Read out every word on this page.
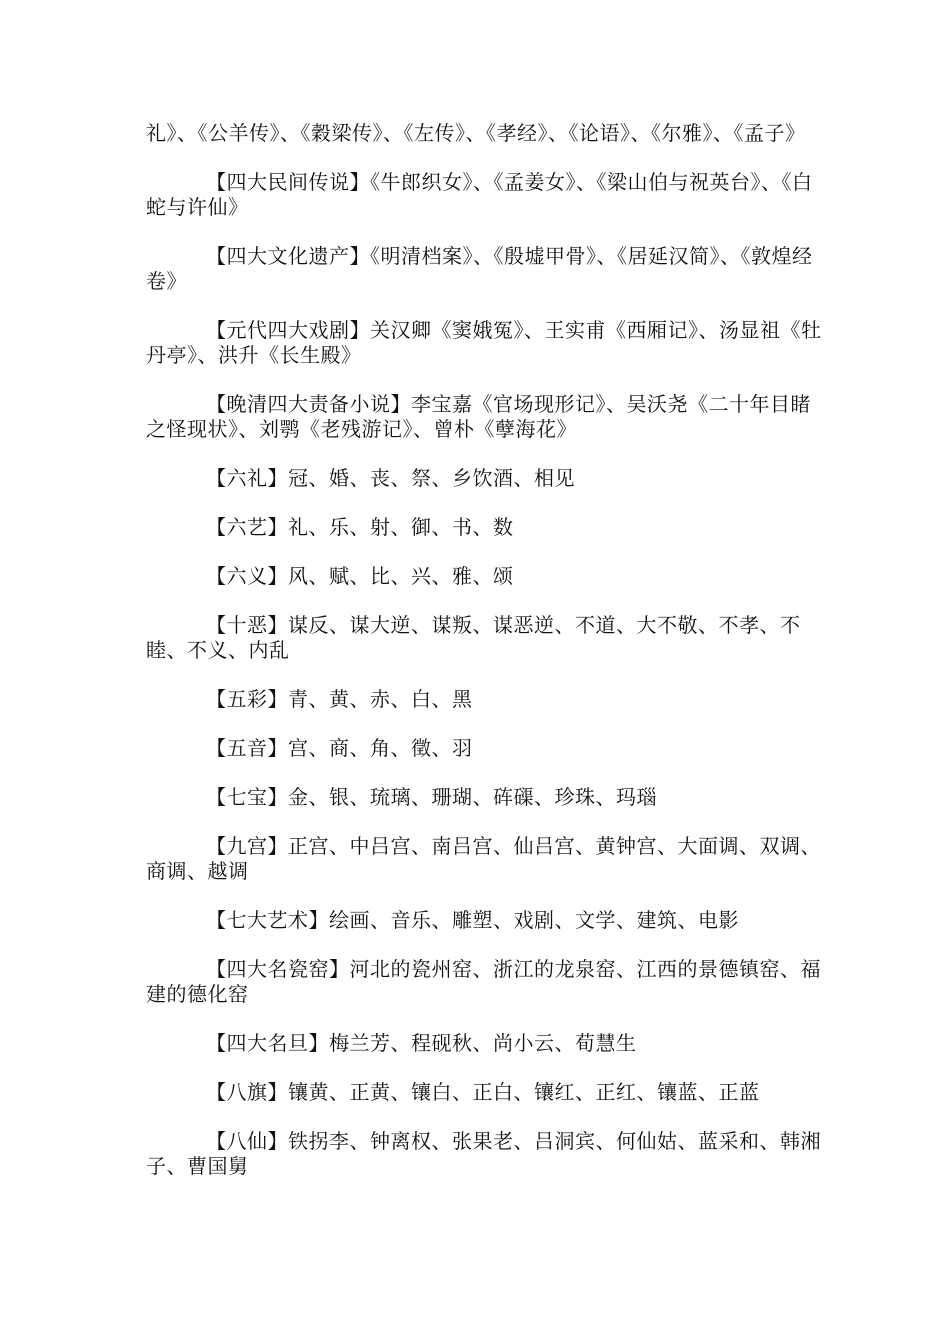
礼》、《公羊传》、《穀梁传》、《左传》、《孝经》、《论语》、《尔雅》、《孟子》

【四大民间传说】《牛郎织女》、《孟姜女》、《梁山伯与祝英台》、《白蛇与许仙》

【四大文化遗产】《明清档案》、《殷墟甲骨》、《居延汉简》、《敦煌经卷》

【元代四大戏剧】关汉卿《窦娥冤》、王实甫《西厢记》、汤显祖《牡丹亭》、洪升《长生殿》

【晚清四大责备小说】李宝嘉《官场现形记》、吴沃尧《二十年目睹之怪现状》、刘鹗《老残游记》、曾朴《孽海花》

【六礼】冠、婚、丧、祭、乡饮酒、相见

【六艺】礼、乐、射、御、书、数

【六义】风、赋、比、兴、雅、颂

【十恶】谋反、谋大逆、谋叛、谋恶逆、不道、大不敬、不孝、不睦、不义、内乱

【五彩】青、黄、赤、白、黑

【五音】宫、商、角、徵、羽

【七宝】金、银、琉璃、珊瑚、砗磲、珍珠、玛瑙

【九宫】正宫、中吕宫、南吕宫、仙吕宫、黄钟宫、大面调、双调、商调、越调

【七大艺术】绘画、音乐、雕塑、戏剧、文学、建筑、电影

【四大名瓷窑】河北的瓷州窑、浙江的龙泉窑、江西的景德镇窑、福建的德化窑

【四大名旦】梅兰芳、程砚秋、尚小云、荀慧生

【八旗】镶黄、正黄、镶白、正白、镶红、正红、镶蓝、正蓝

【八仙】铁拐李、钟离权、张果老、吕洞宾、何仙姑、蓝采和、韩湘子、曹国舅
